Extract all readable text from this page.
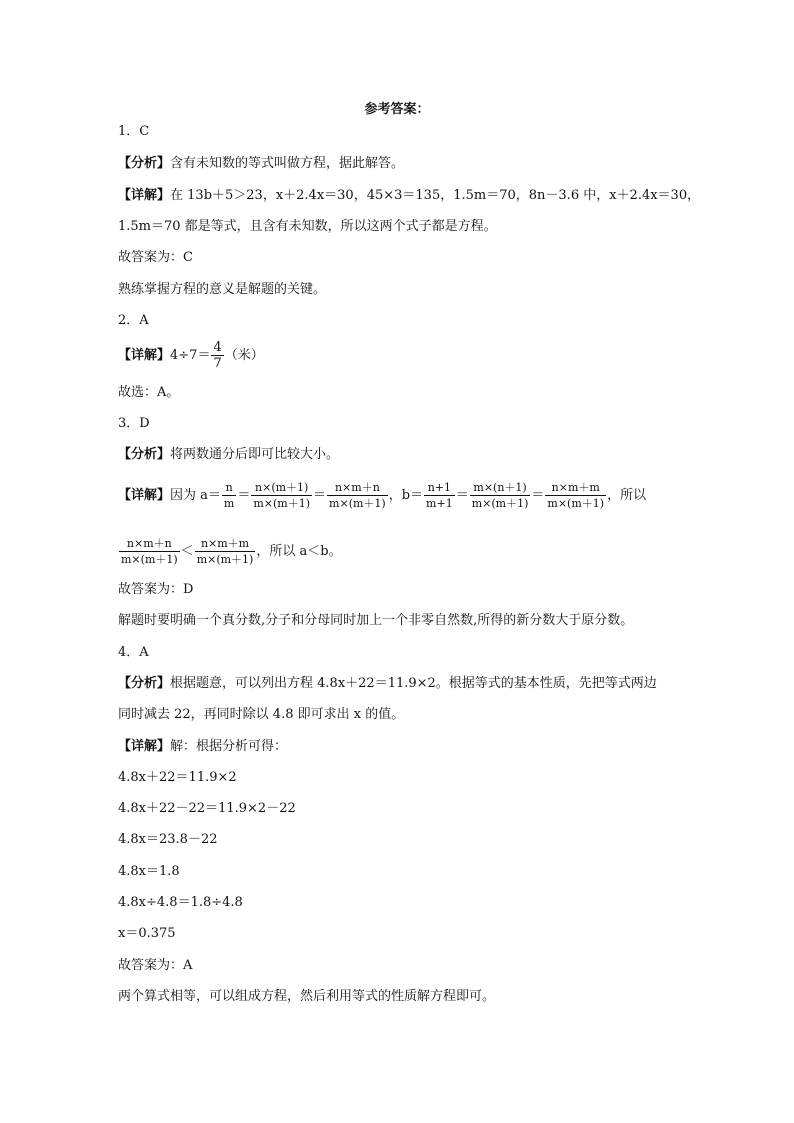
参考答案：
1．C
【分析】含有未知数的等式叫做方程，据此解答。
【详解】在 13b＋5＞23，x＋2.4x＝30，45×3＝135，1.5m＝70，8n－3.6 中，x＋2.4x＝30，
1.5m＝70 都是等式，且含有未知数，所以这两个式子都是方程。
故答案为：C
熟练掌握方程的意义是解题的关键。
2．A
【详解】$4\div 7= \frac{4}{7}$ （米）
故选：A。
3．D
【分析】将两数通分后即可比较大小。
【详解】因为 $a= \frac{n}{m} = \frac{n\times(m+1)}{m\times(m+1)} = \frac{n\times m+n}{m\times(m+1)}$ ，$b= \frac{n+1}{m+1} = \frac{m\times(n+1)}{m\times(m+1)} = \frac{n\times m+m}{m\times(m+1)}$ ，所以
$\frac{n\times m+n}{m\times(m+1)} < \frac{n\times m+m}{m\times(m+1)}$ ，所以 a＜b。
故答案为：D
解题时要明确一个真分数,分子和分母同时加上一个非零自然数,所得的新分数大于原分数。
4．A
【分析】根据题意，可以列出方程 4.8x＋22＝11.9×2。根据等式的基本性质，先把等式两边
同时减去 22，再同时除以 4.8 即可求出 x 的值。
【详解】解：根据分析可得：
4.8x＋22＝11.9×2
4.8x＋22－22＝11.9×2－22
4.8x＝23.8－22
4.8x＝1.8
4.8x÷4.8＝1.8÷4.8
x＝0.375
故答案为：A
两个算式相等，可以组成方程，然后利用等式的性质解方程即可。
